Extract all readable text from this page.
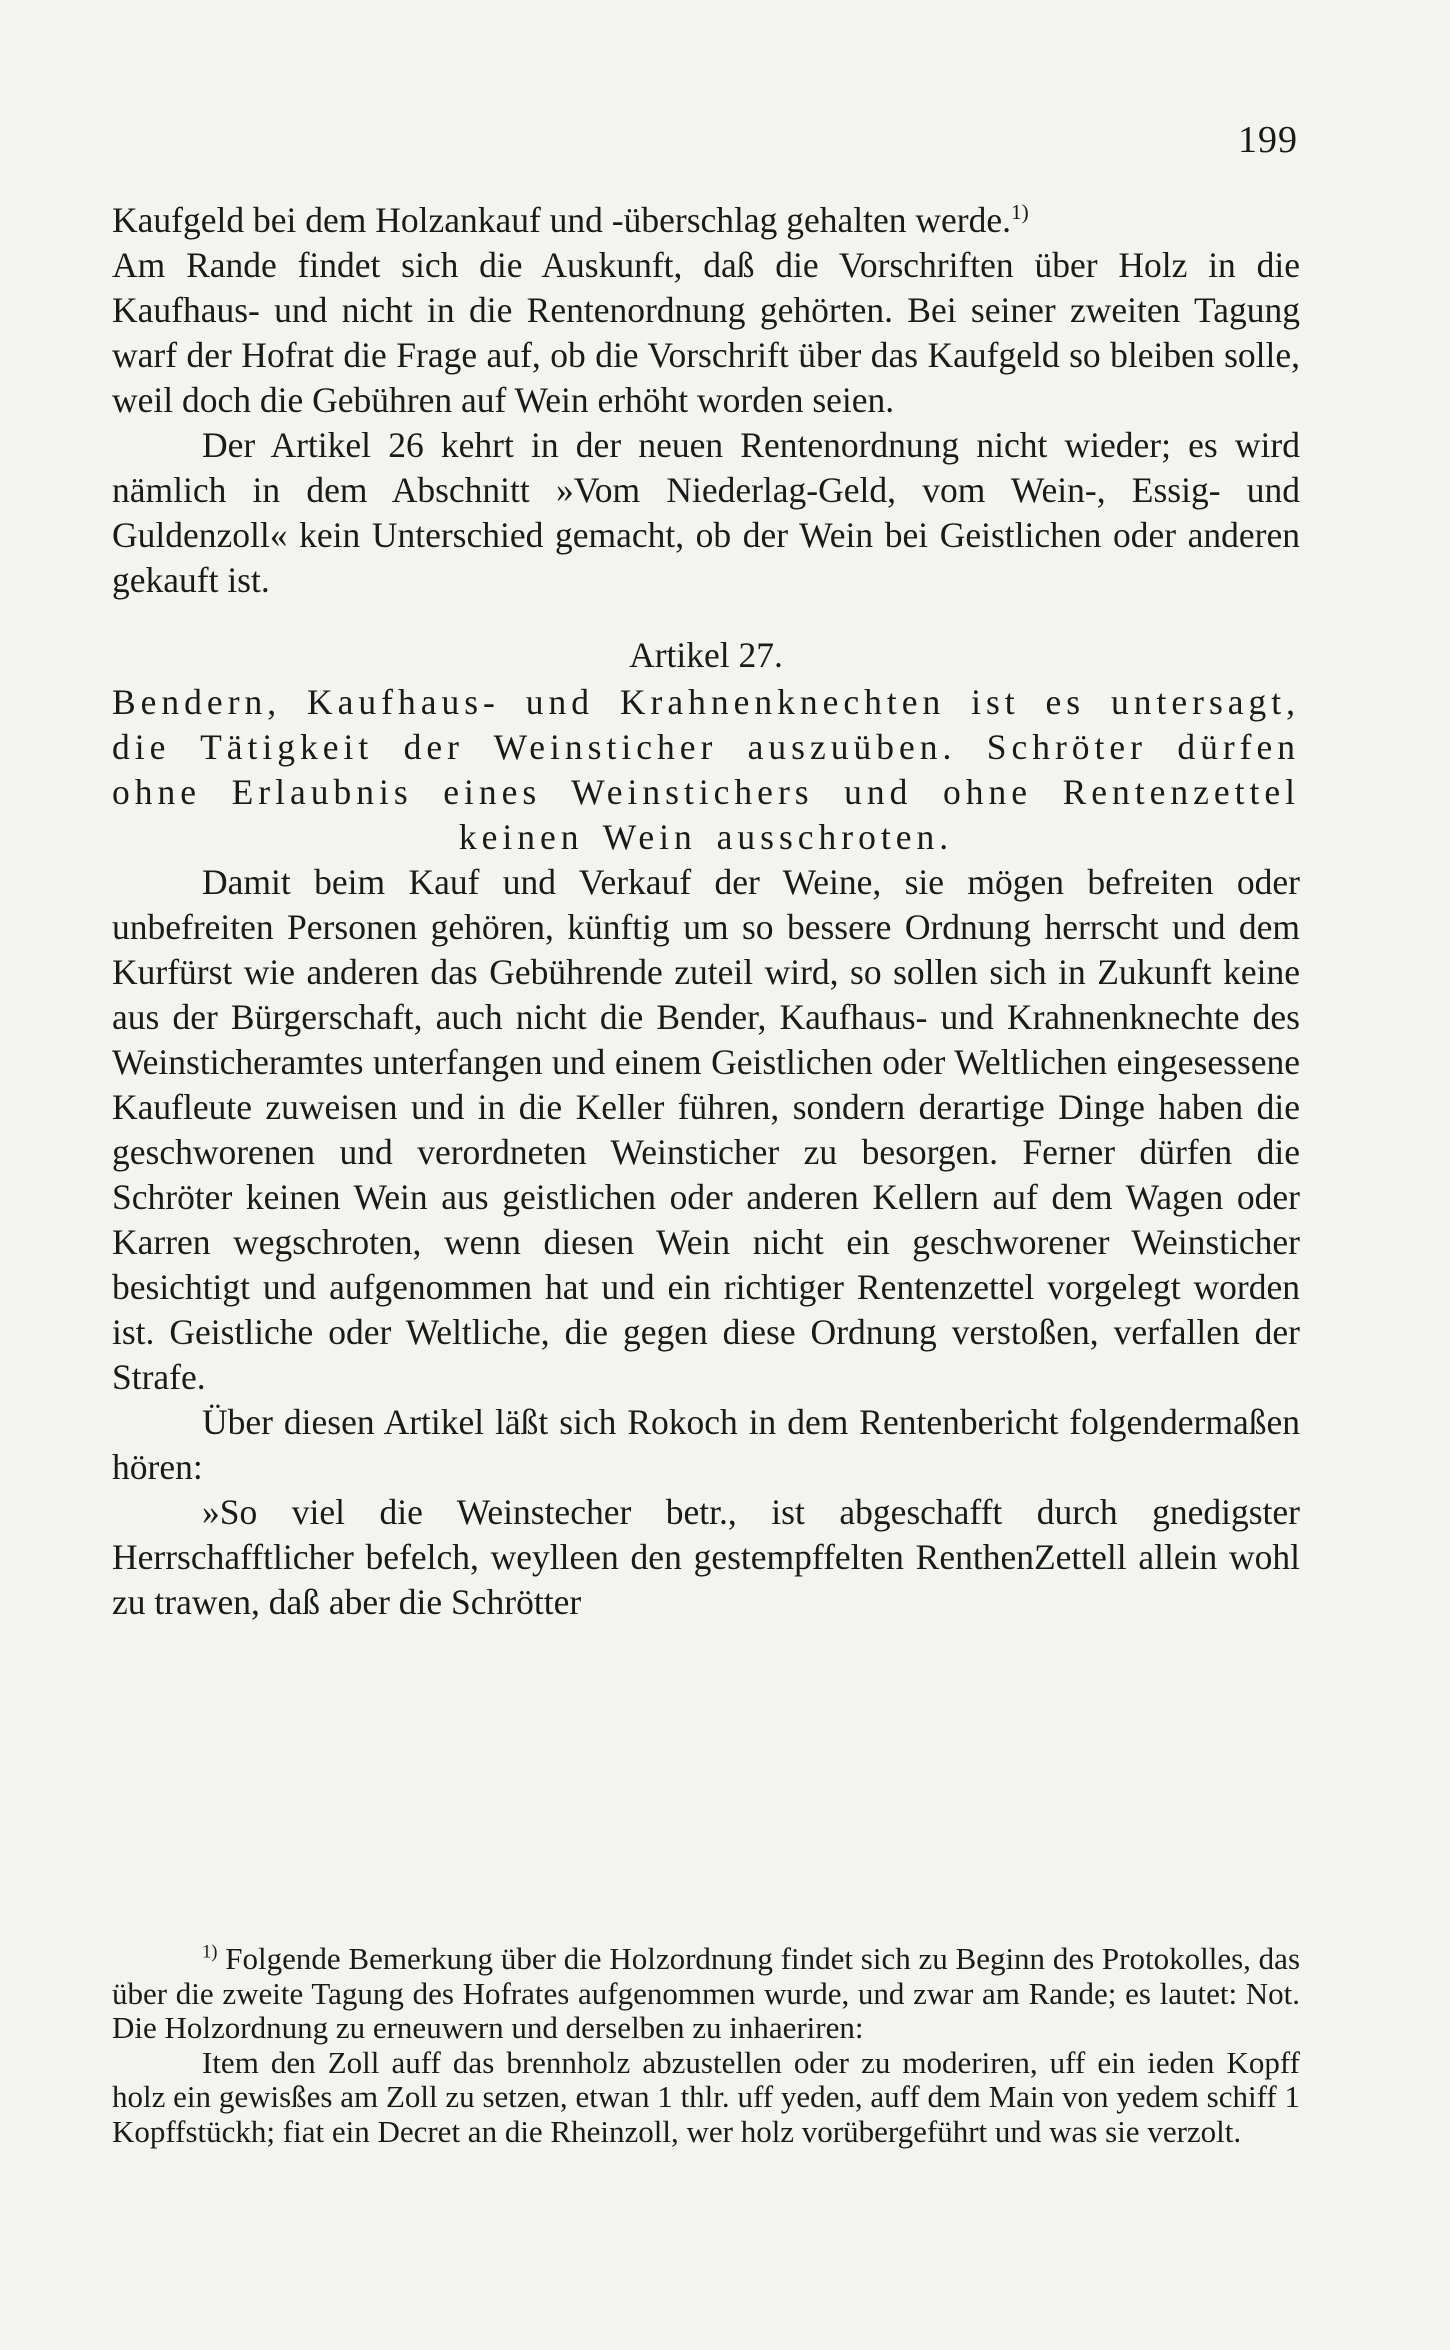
199

Kaufgeld bei dem Holzankauf und -überschlag gehalten werde.$^{1)}$

Am Rande findet sich die Auskunft, daß die Vorschriften über Holz in die Kaufhaus- und nicht in die Rentenordnung gehörten. Bei seiner zweiten Tagung warf der Hofrat die Frage auf, ob die Vorschrift über das Kaufgeld so bleiben solle, weil doch die Gebühren auf Wein erhöht worden seien.

Der Artikel 26 kehrt in der neuen Rentenordnung nicht wieder; es wird nämlich in dem Abschnitt »Vom Niederlag-Geld, vom Wein-, Essig- und Guldenzoll« kein Unterschied gemacht, ob der Wein bei Geistlichen oder anderen gekauft ist.

Artikel 27.

Bendern, Kaufhaus- und Krahnenknechten ist es untersagt, die Tätigkeit der Weinsticher auszuüben. Schröter dürfen ohne Erlaubnis eines Weinstichers und ohne Rentenzettel keinen Wein ausschroten.

Damit beim Kauf und Verkauf der Weine, sie mögen befreiten oder unbefreiten Personen gehören, künftig um so bessere Ordnung herrscht und dem Kurfürst wie anderen das Gebührende zuteil wird, so sollen sich in Zukunft keine aus der Bürgerschaft, auch nicht die Bender, Kaufhaus- und Krahnenknechte des Weinsticheramtes unterfangen und einem Geistlichen oder Weltlichen eingesessene Kaufleute zuweisen und in die Keller führen, sondern derartige Dinge haben die geschworenen und verordneten Weinsticher zu besorgen. Ferner dürfen die Schröter keinen Wein aus geistlichen oder anderen Kellern auf dem Wagen oder Karren wegschroten, wenn diesen Wein nicht ein geschworener Weinsticher besichtigt und aufgenommen hat und ein richtiger Rentenzettel vorgelegt worden ist. Geistliche oder Weltliche, die gegen diese Ordnung verstoßen, verfallen der Strafe.

Über diesen Artikel läßt sich Rokoch in dem Rentenbericht folgendermaßen hören:

»So viel die Weinstecher betr., ist abgeschafft durch gnedigster Herrschafftlicher befelch, weylleen den gestempffelten RenthenZettell allein wohl zu trawen, daß aber die Schrötter

$^{1)}$ Folgende Bemerkung über die Holzordnung findet sich zu Beginn des Protokolles, das über die zweite Tagung des Hofrates aufgenommen wurde, und zwar am Rande; es lautet: Not. Die Holzordnung zu erneuwern und derselben zu inhaeriren:

Item den Zoll auff das brennholz abzustellen oder zu moderiren, uff ein ieden Kopff holz ein gewisßes am Zoll zu setzen, etwan 1 thlr. uff yeden, auff dem Main von yedem schiff 1 Kopffstückh; fiat ein Decret an die Rheinzoll, wer holz vorübergeführt und was sie verzolt.
